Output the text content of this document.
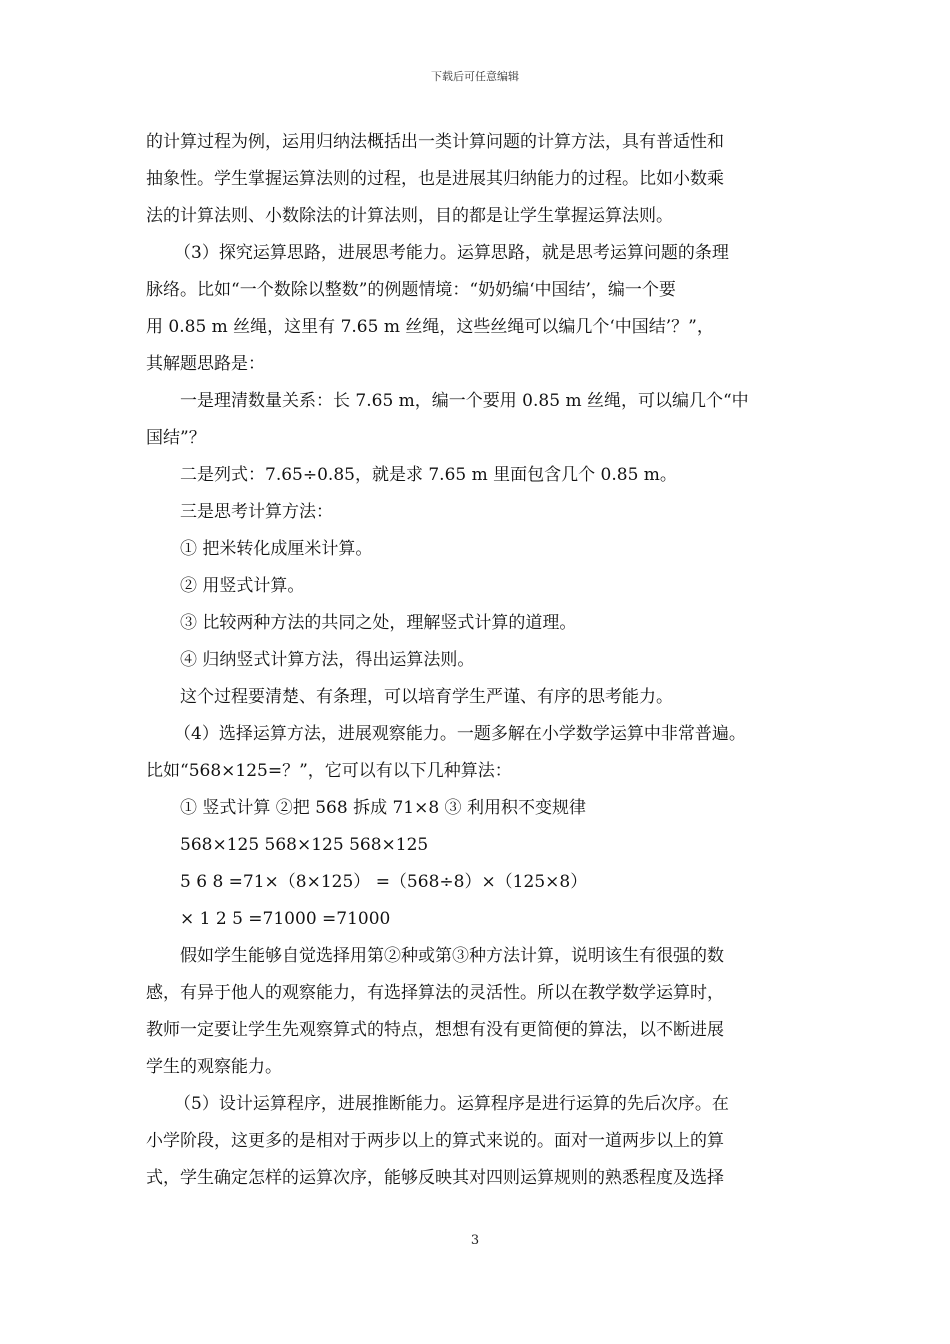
下载后可任意编辑
的计算过程为例，运用归纳法概括出一类计算问题的计算方法，具有普适性和
抽象性。学生掌握运算法则的过程，也是进展其归纳能力的过程。比如小数乘
法的计算法则、小数除法的计算法则，目的都是让学生掌握运算法则。
（3）探究运算思路，进展思考能力。运算思路，就是思考运算问题的条理
脉络。比如“一个数除以整数”的例题情境：“奶奶编‘中国结’，编一个要
用 0.85 m 丝绳，这里有 7.65 m 丝绳，这些丝绳可以编几个‘中国结’？”，
其解题思路是：
一是理清数量关系：长 7.65 m，编一个要用 0.85 m 丝绳，可以编几个“中
国结”？
二是列式：7.65÷0.85，就是求 7.65 m 里面包含几个 0.85 m。
三是思考计算方法：
① 把米转化成厘米计算。
② 用竖式计算。
③ 比较两种方法的共同之处，理解竖式计算的道理。
④ 归纳竖式计算方法，得出运算法则。
这个过程要清楚、有条理，可以培育学生严谨、有序的思考能力。
（4）选择运算方法，进展观察能力。一题多解在小学数学运算中非常普遍。
比如“568×125=？”，它可以有以下几种算法：
① 竖式计算 ②把 568 拆成 71×8 ③ 利用积不变规律
568×125 568×125 568×125
5 6 8 =71×（8×125） =（568÷8）×（125×8）
× 1 2 5 =71000 =71000
假如学生能够自觉选择用第②种或第③种方法计算，说明该生有很强的数
感，有异于他人的观察能力，有选择算法的灵活性。所以在教学数学运算时，
教师一定要让学生先观察算式的特点，想想有没有更简便的算法，以不断进展
学生的观察能力。
（5）设计运算程序，进展推断能力。运算程序是进行运算的先后次序。在
小学阶段，这更多的是相对于两步以上的算式来说的。面对一道两步以上的算
式，学生确定怎样的运算次序，能够反映其对四则运算规则的熟悉程度及选择
3
